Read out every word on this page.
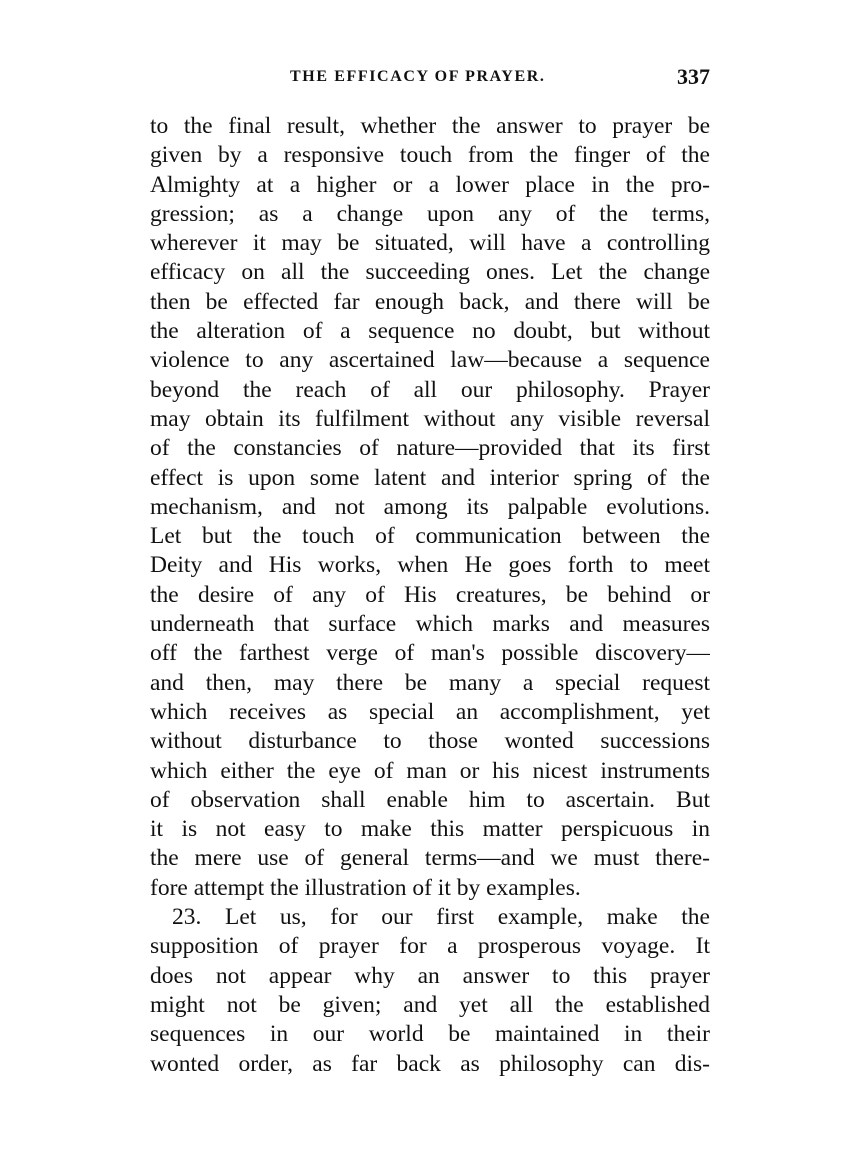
THE EFFICACY OF PRAYER.	337
to the final result, whether the answer to prayer be
given by a responsive touch from the finger of the
Almighty at a higher or a lower place in the pro-
gression; as a change upon any of the terms,
wherever it may be situated, will have a controlling
efficacy on all the succeeding ones. Let the change
then be effected far enough back, and there will be
the alteration of a sequence no doubt, but without
violence to any ascertained law—because a sequence
beyond the reach of all our philosophy. Prayer
may obtain its fulfilment without any visible reversal
of the constancies of nature—provided that its first
effect is upon some latent and interior spring of the
mechanism, and not among its palpable evolutions.
Let but the touch of communication between the
Deity and His works, when He goes forth to meet
the desire of any of His creatures, be behind or
underneath that surface which marks and measures
off the farthest verge of man's possible discovery—
and then, may there be many a special request
which receives as special an accomplishment, yet
without disturbance to those wonted successions
which either the eye of man or his nicest instruments
of observation shall enable him to ascertain. But
it is not easy to make this matter perspicuous in
the mere use of general terms—and we must there-
fore attempt the illustration of it by examples.
23. Let us, for our first example, make the
supposition of prayer for a prosperous voyage. It
does not appear why an answer to this prayer
might not be given; and yet all the established
sequences in our world be maintained in their
wonted order, as far back as philosophy can dis-
